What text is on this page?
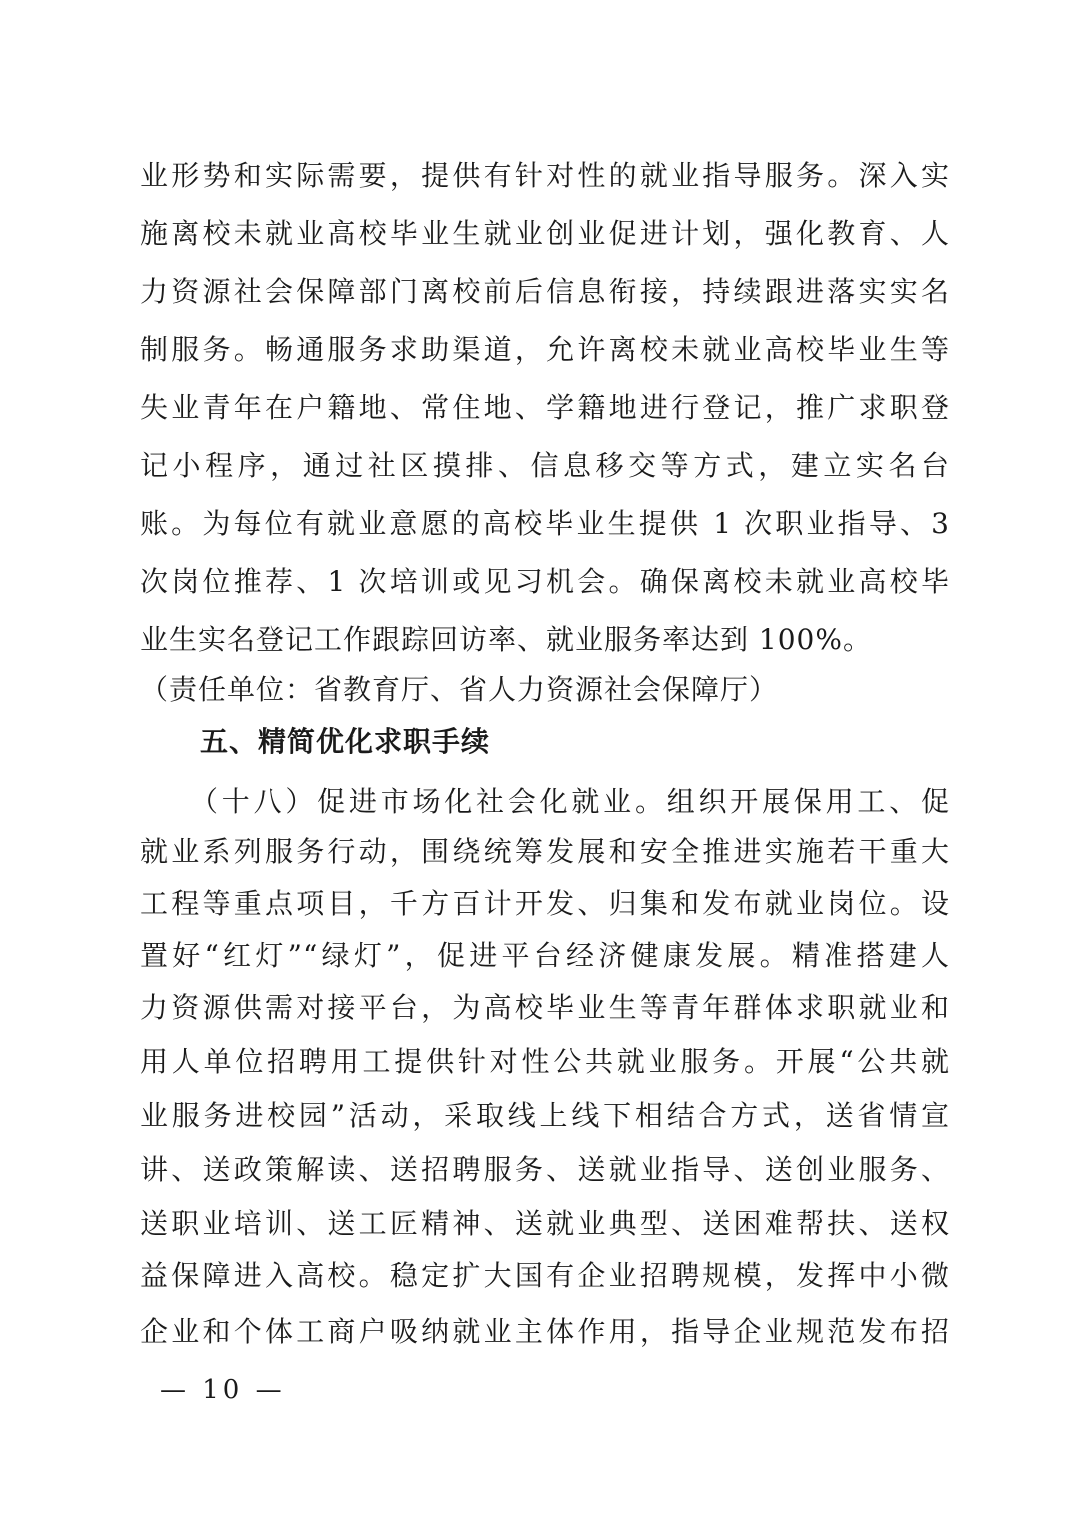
业形势和实际需要，提供有针对性的就业指导服务。深入实
施离校未就业高校毕业生就业创业促进计划，强化教育、人
力资源社会保障部门离校前后信息衔接，持续跟进落实实名
制服务。畅通服务求助渠道，允许离校未就业高校毕业生等
失业青年在户籍地、常住地、学籍地进行登记，推广求职登
记小程序，通过社区摸排、信息移交等方式，建立实名台
账。为每位有就业意愿的高校毕业生提供 1 次职业指导、3
次岗位推荐、1 次培训或见习机会。确保离校未就业高校毕
业生实名登记工作跟踪回访率、就业服务率达到 100%。
（责任单位：省教育厅、省人力资源社会保障厅）
五、精简优化求职手续
（十八）促进市场化社会化就业。组织开展保用工、促
就业系列服务行动，围绕统筹发展和安全推进实施若干重大
工程等重点项目，千方百计开发、归集和发布就业岗位。设
置好“红灯”“绿灯”，促进平台经济健康发展。精准搭建人
力资源供需对接平台，为高校毕业生等青年群体求职就业和
用人单位招聘用工提供针对性公共就业服务。开展“公共就
业服务进校园”活动，采取线上线下相结合方式，送省情宣
讲、送政策解读、送招聘服务、送就业指导、送创业服务、
送职业培训、送工匠精神、送就业典型、送困难帮扶、送权
益保障进入高校。稳定扩大国有企业招聘规模，发挥中小微
企业和个体工商户吸纳就业主体作用，指导企业规范发布招
— 10 —
